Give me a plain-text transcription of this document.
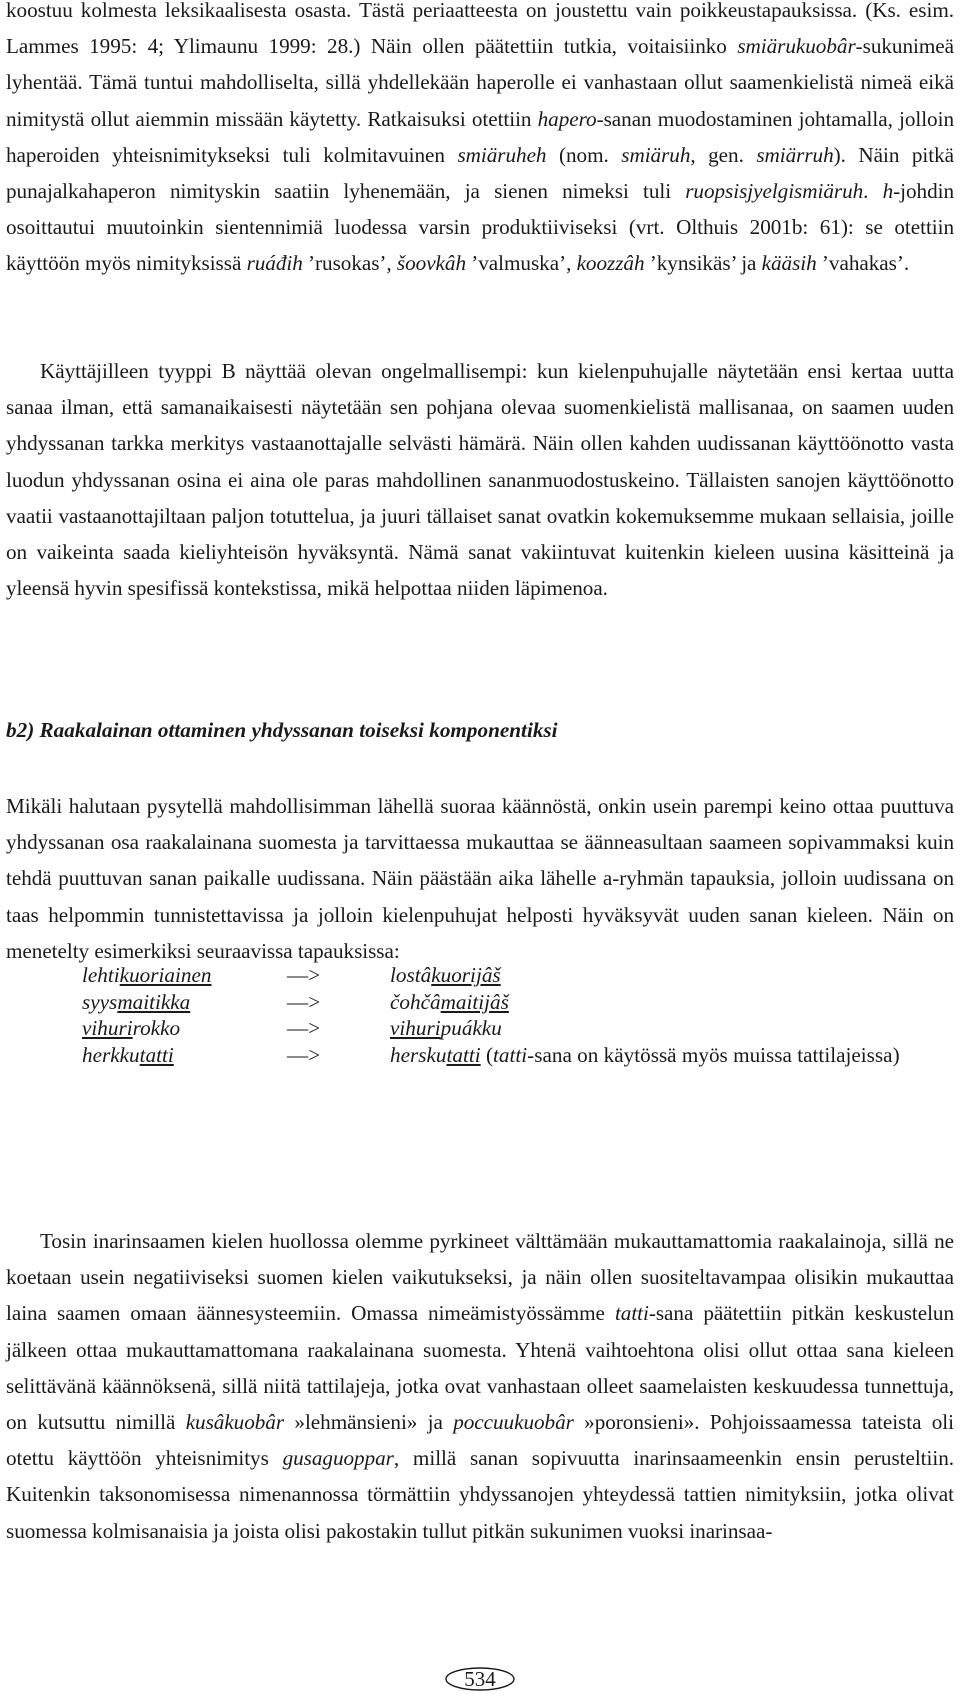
koostuu kolmesta leksikaalisesta osasta. Tästä periaatteesta on joustettu vain poikkeustapauksissa. (Ks. esim. Lammes 1995: 4; Ylimaunu 1999: 28.) Näin ollen päätettiin tutkia, voitaisiinko smiärukuobâr-sukunimeä lyhentää. Tämä tuntui mahdolliselta, sillä yhdellekään haperolle ei vanhastaan ollut saamenkielistä nimeä eikä nimitystä ollut aiemmin missään käytetty. Ratkaisuksi otettiin hapero-sanan muodostaminen johtamalla, jolloin haperoiden yhteisnimitykseksi tuli kolmitavuinen smiäruheh (nom. smiäruh, gen. smiärruh). Näin pitkä punajalkahaperon nimityskin saatiin lyhenemään, ja sienen nimeksi tuli ruopsisjyelgismiäruh. h-johdin osoittautui muutoinkin sientennimiä luodessa varsin produktiiviseksi (vrt. Olthuis 2001b: 61): se otettiin käyttöön myös nimityksissä ruáđih ’rusokas’, šoovkâh ’valmuska’, koozzâh ’kynsikäs’ ja kääsih ’vahakas’.

Käyttäjilleen tyyppi B näyttää olevan ongelmallisempi: kun kielenpuhujalle näytetään ensi kertaa uutta sanaa ilman, että samanaikaisesti näytetään sen pohjana olevaa suomenkielistä mallisanaa, on saamen uuden yhdyssanan tarkka merkitys vastaanottajalle selvästi hämärä. Näin ollen kahden uudissanan käyttöönotto vasta luodun yhdyssanan osina ei aina ole paras mahdollinen sananmuodostuskeino. Tällaisten sanojen käyttöönotto vaatii vastaanottajiltaan paljon totuttelua, ja juuri tällaiset sanat ovatkin kokemuksemme mukaan sellaisia, joille on vaikeinta saada kieliyhteisön hyväksyntä. Nämä sanat vakiintuvat kuitenkin kieleen uusina käsitteinä ja yleensä hyvin spesifissä kontekstissa, mikä helpottaa niiden läpimenoa.

b2) Raakalainan ottaminen yhdyssanan toiseksi komponentiksi

Mikäli halutaan pysytellä mahdollisimman lähellä suoraa käännöstä, onkin usein parempi keino ottaa puuttuva yhdyssanan osa raakalainana suomesta ja tarvittaessa mukauttaa se äänneasultaan saameen sopivammaksi kuin tehdä puuttuvan sanan paikalle uudissana. Näin päästään aika lähelle a-ryhmän tapauksia, jolloin uudissana on taas helpommin tunnistettavissa ja jolloin kielenpuhujat helposti hyväksyvät uuden sanan kieleen. Näin on menetelty esimerkiksi seuraavissa tapauksissa:

lehtikuoriainen	—>	lostâkuorijâš
syysmaitikka	—>	čohčâmaitijâš
vihurirokko	—>	vihuripuákku
herkkutatti	—>	herskutatti (tatti-sana on käytössä myös muissa tattilajeissa)

Tosin inarinsaamen kielen huollossa olemme pyrkineet välttämään mukauttamattomia raakalainoja, sillä ne koetaan usein negatiiviseksi suomen kielen vaikutukseksi, ja näin ollen suositeltavampaa olisikin mukauttaa laina saamen omaan äännesysteemiin. Omassa nimeämistyössämme tatti-sana päätettiin pitkän keskustelun jälkeen ottaa mukauttamattomana raakalainana suomesta. Yhtenä vaihtoehtona olisi ollut ottaa sana kieleen selittävänä käännöksenä, sillä niitä tattilajeja, jotka ovat vanhastaan olleet saamelaisten keskuudessa tunnettuja, on kutsuttu nimillä kusâkuobâr »lehmänsieni» ja poccuukuobâr »poronsieni». Pohjoissaamessa tateista oli otettu käyttöön yhteisnimitys gusaguoppar, millä sanan sopivuutta inarinsaameenkin ensin perusteltiin. Kuitenkin taksonomisessa nimenannossa törmättiin yhdyssanojen yhteydessä tattien nimityksiin, jotka olivat suomessa kolmisanaisia ja joista olisi pakostakin tullut pitkän sukunimen vuoksi inarinsaa-

534
